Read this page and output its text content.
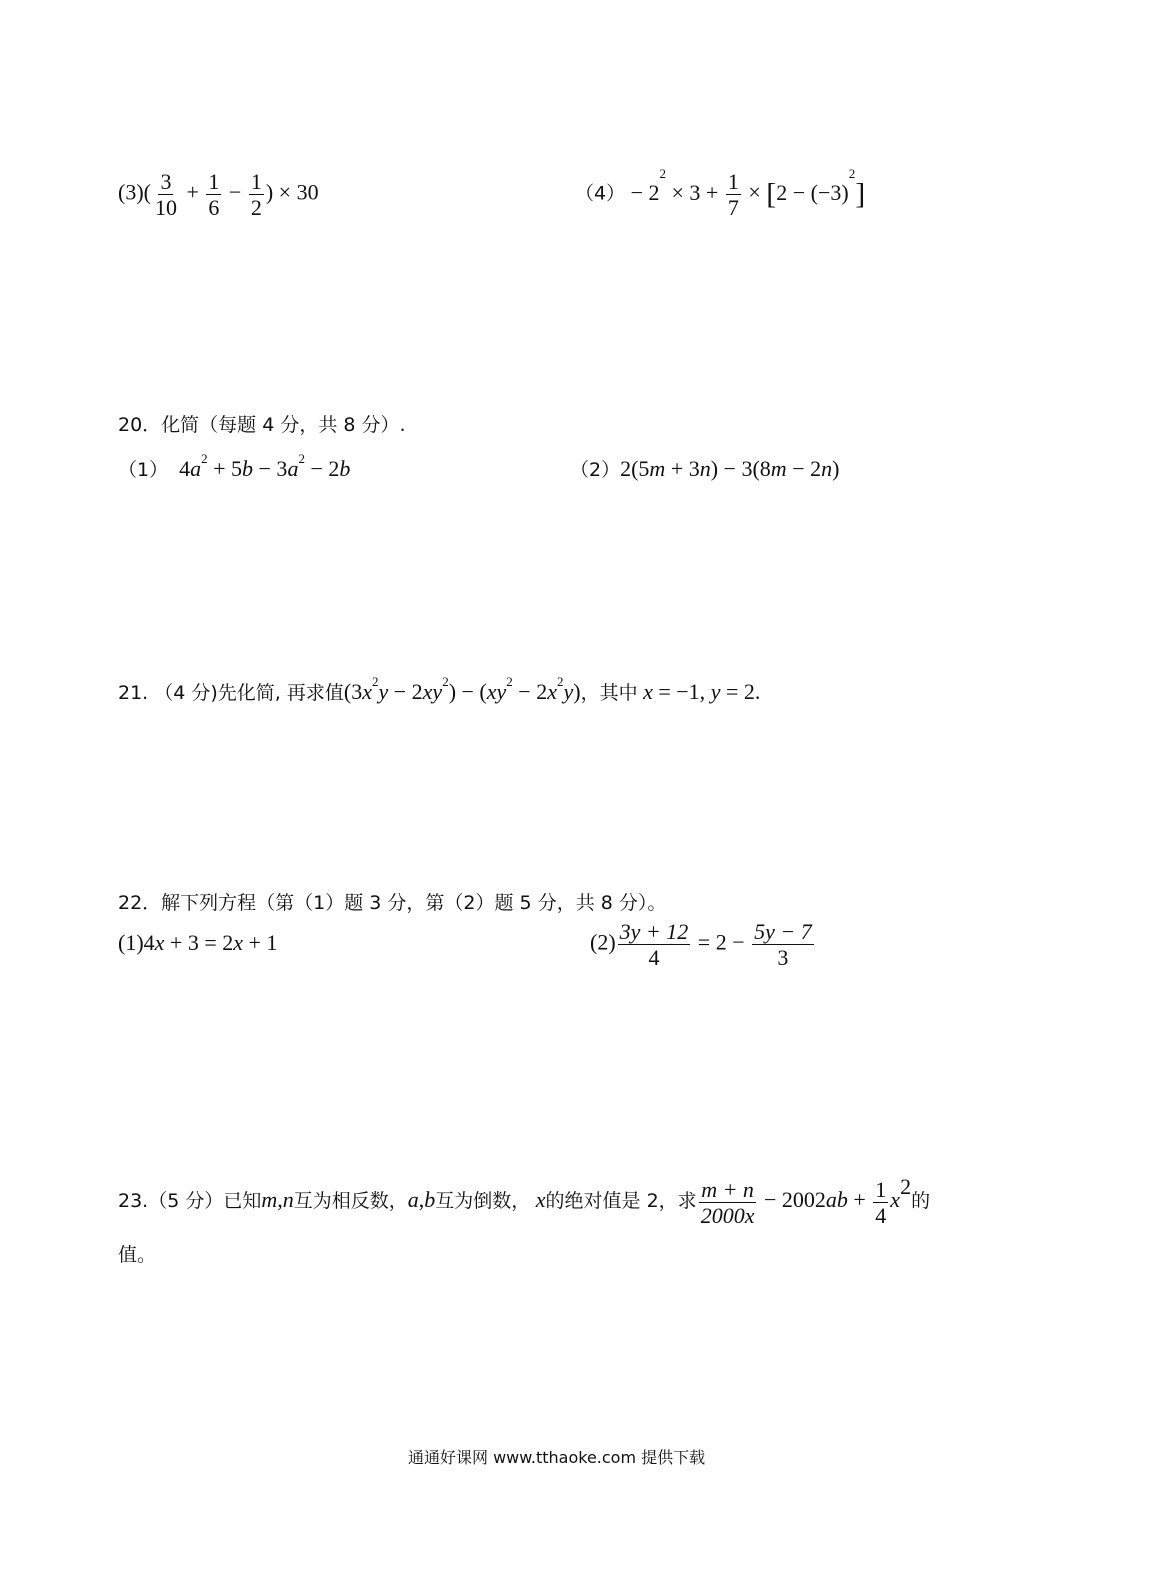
$(3)( \frac{3}{10} + \frac{1}{6} - \frac{1}{2}$ ) × 30	$(4) - 2^2 \times 3 + \frac{1}{7} \times [2 - (-3)^2]$
20．化简（每题 4 分，共 8 分）.
（1）  $4a^2 + 5b - 3a^2 - 2b$	（2）2(5m + 3n) − 3(8m − 2n)
21. （4 分)先化简, 再求值$(3x^2y - 2xy^2) - (xy^2 - 2x^2y)$，其中 x = −1, y = 2.
22．解下列方程（第（1）题 3 分，第（2）题 5 分，共 8 分）。
(1)4x + 3 = 2x + 1	$(2) \frac{3y + 12}{4} = 2 - \frac{5y - 7}{3}$
23.（5 分）已知m,n互为相反数，a,b互为倒数， x的绝对值是 2，求 $\frac{m + n}{2000x} - 2002ab + \frac{1}{4} x^2$的
值。
通通好课网 www.tthaoke.com 提供下载
